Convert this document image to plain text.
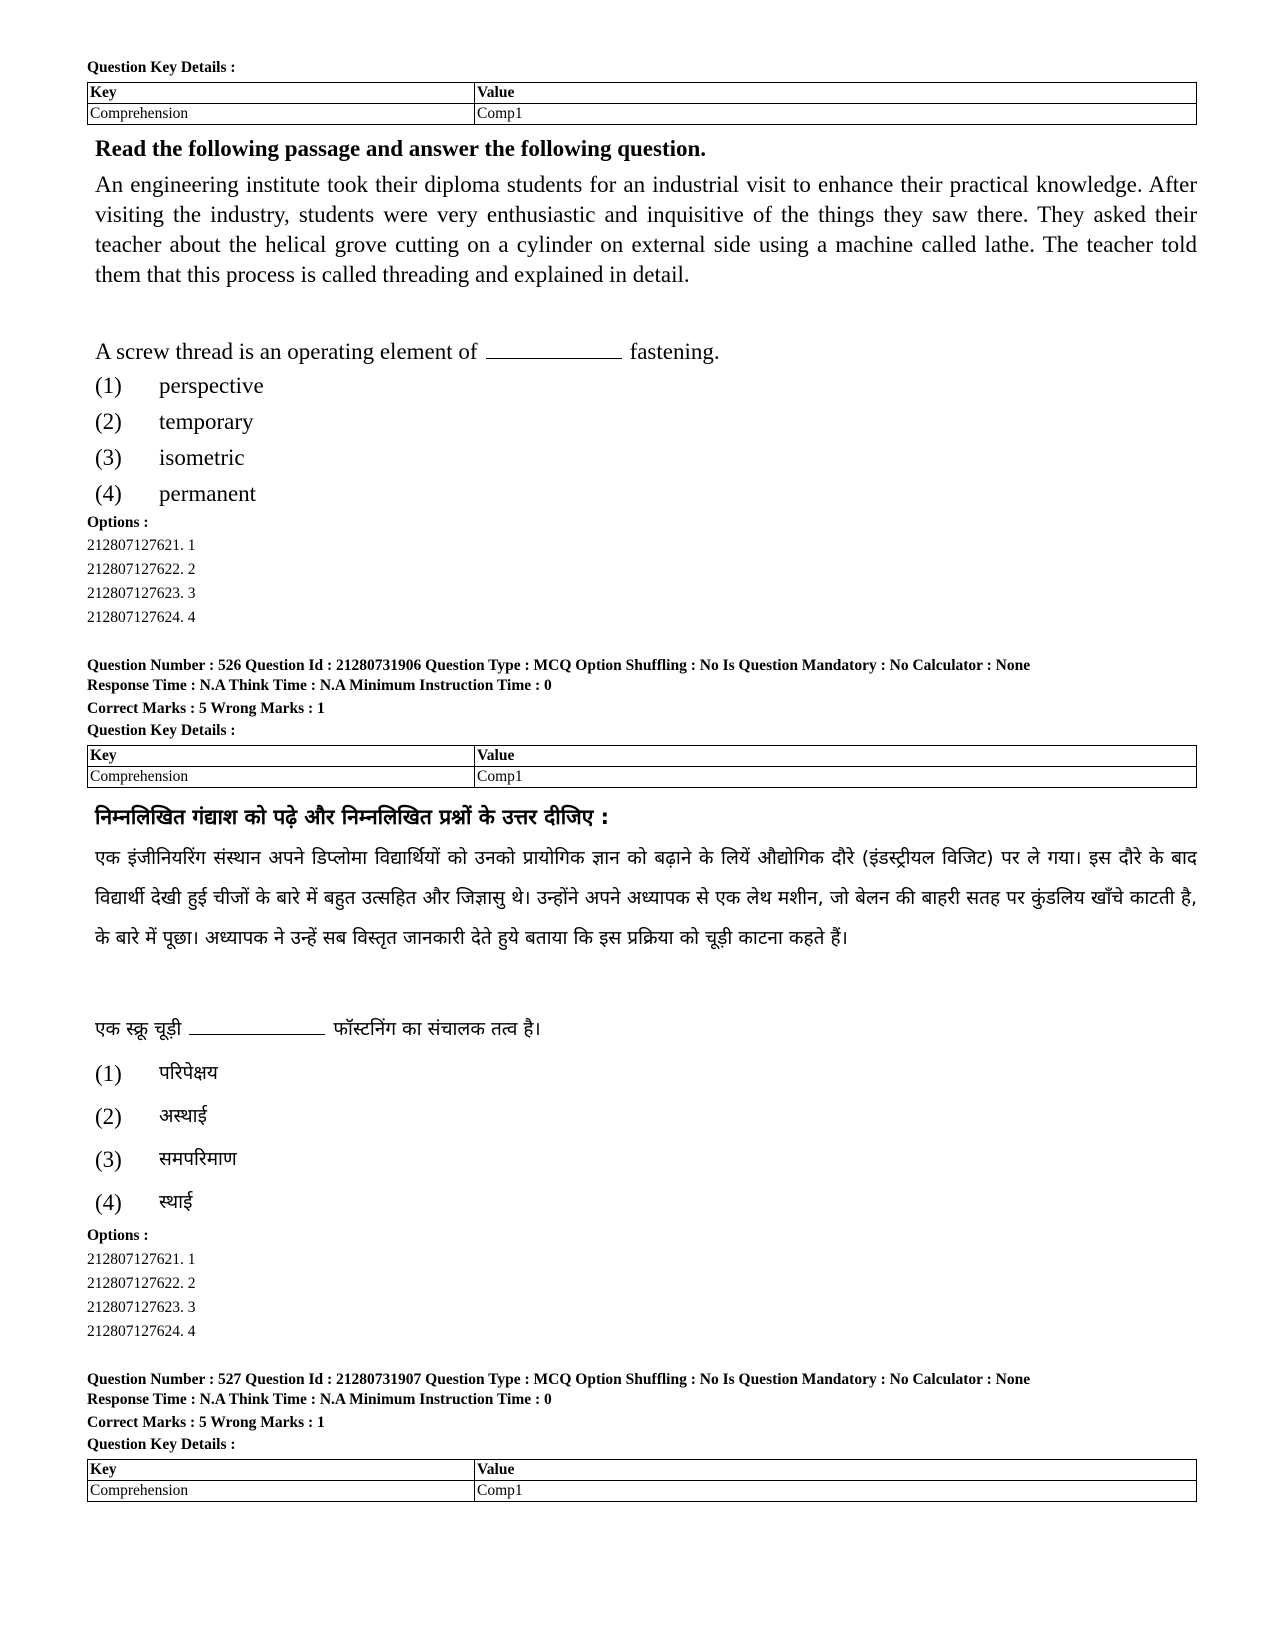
Question Key Details :
Key	Value
Comprehension	Comp1
Read the following passage and answer the following question.
An engineering institute took their diploma students for an industrial visit to enhance their practical knowledge. After visiting the industry, students were very enthusiastic and inquisitive of the things they saw there. They asked their teacher about the helical grove cutting on a cylinder on external side using a machine called lathe. The teacher told them that this process is called threading and explained in detail.
A screw thread is an operating element of	fastening.
(1)	perspective
(2)	temporary
(3)	isometric
(4)	permanent
Options :
212807127621. 1
212807127622. 2
212807127623. 3
212807127624. 4
Question Number : 526 Question Id : 21280731906 Question Type : MCQ Option Shuffling : No Is Question Mandatory : No Calculator : None
Response Time : N.A Think Time : N.A Minimum Instruction Time : 0
Correct Marks : 5 Wrong Marks : 1
Question Key Details :
Key	Value
Comprehension	Comp1
निम्नलिखित गंद्याश को पढ़े और निम्नलिखित प्रश्नों के उत्तर दीजिए :
एक इंजीनियरिंग संस्थान अपने डिप्लोमा विद्यार्थियों को उनको प्रायोगिक ज्ञान को बढ़ाने के लियें औद्योगिक दौरे (इंडस्ट्रीयल विजिट) पर ले गया। इस दौरे के बाद विद्यार्थी देखी हुई चीजों के बारे में बहुत उत्सहित और जिज्ञासु थे। उन्होंने अपने अध्यापक से एक लेथ मशीन, जो बेलन की बाहरी सतह पर कुंडलिय खाँचे काटती है, के बारे में पूछा। अध्यापक ने उन्हें सब विस्तृत जानकारी देते हुये बताया कि इस प्रक्रिया को चूड़ी काटना कहते हैं।
एक स्क्रू चूड़ी	फॉस्टनिंग का संचालक तत्व है।
(1)	परिपेक्षय
(2)	अस्थाई
(3)	समपरिमाण
(4)	स्थाई
Options :
212807127621. 1
212807127622. 2
212807127623. 3
212807127624. 4
Question Number : 527 Question Id : 21280731907 Question Type : MCQ Option Shuffling : No Is Question Mandatory : No Calculator : None
Response Time : N.A Think Time : N.A Minimum Instruction Time : 0
Correct Marks : 5 Wrong Marks : 1
Question Key Details :
Key	Value
Comprehension	Comp1
